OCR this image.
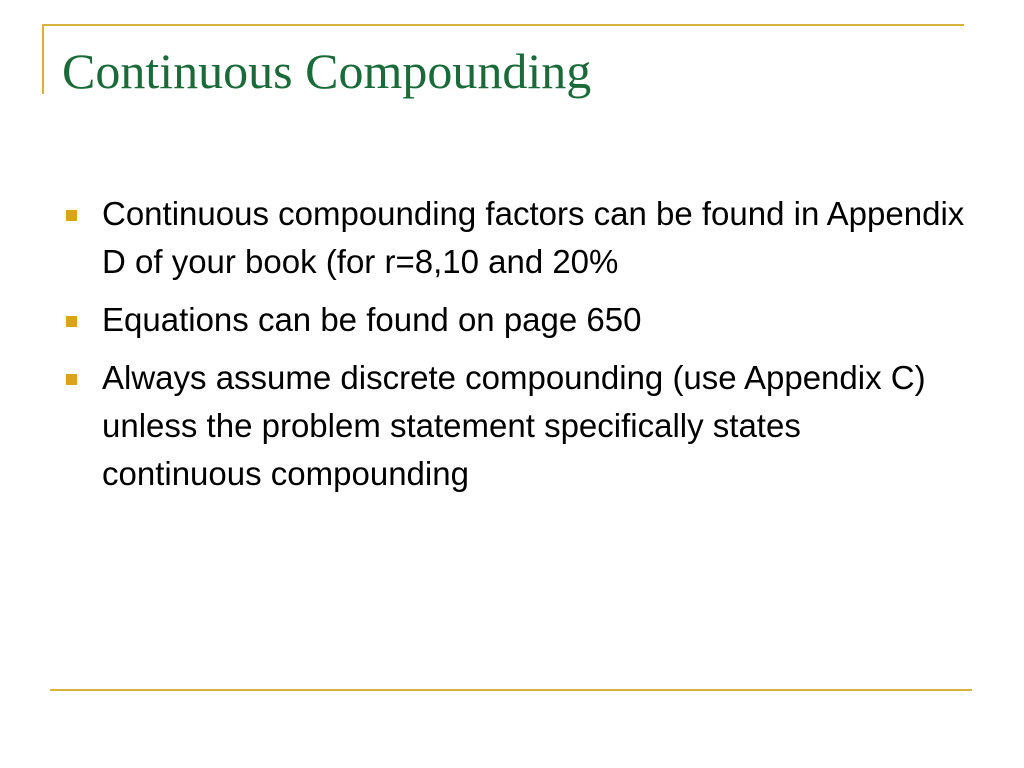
Continuous Compounding
Continuous compounding factors can be found in Appendix D of your book (for r=8,10 and 20%
Equations can be found on page 650
Always assume discrete compounding (use Appendix C) unless the problem statement specifically states continuous compounding
